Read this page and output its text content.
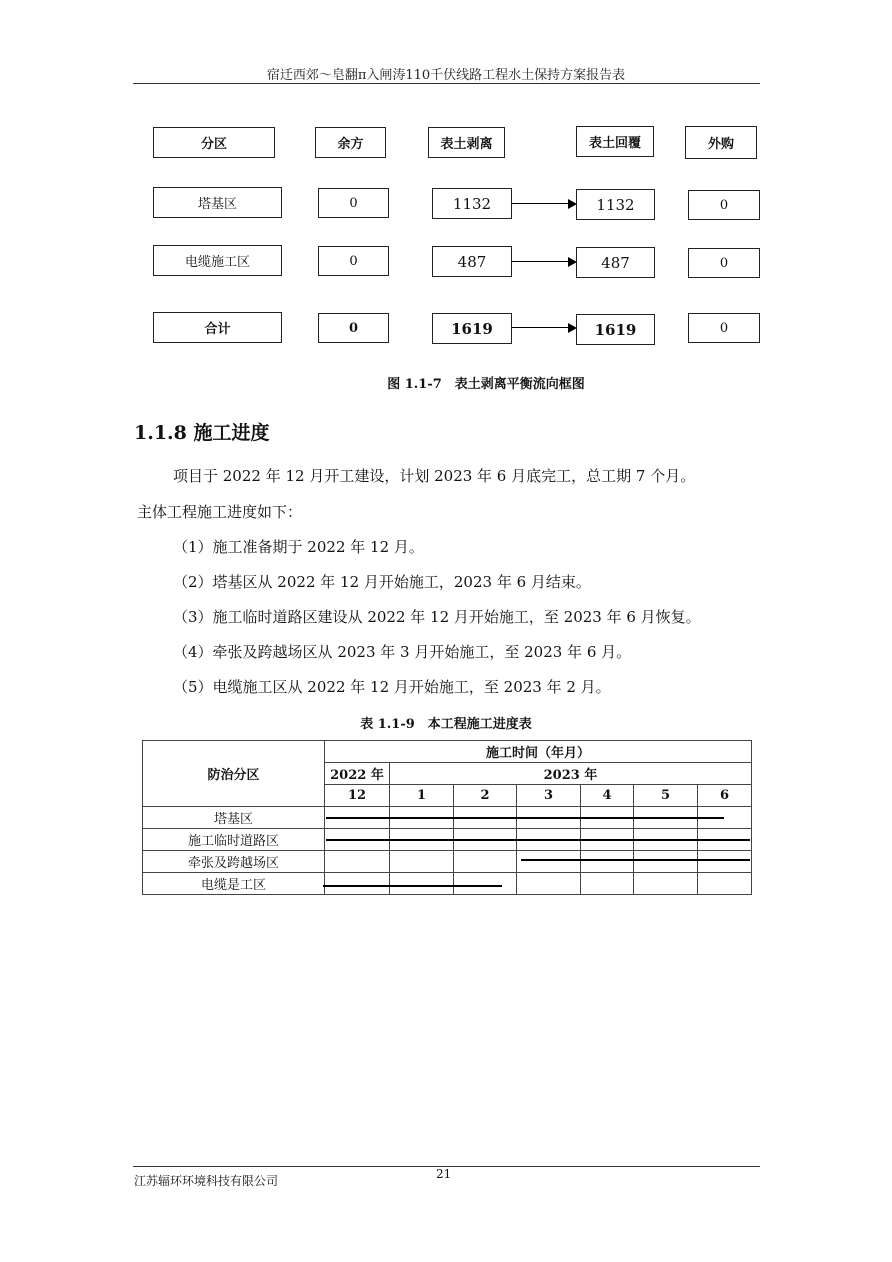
宿迁西郊～皂翻π入闸涛110千伏线路工程水土保持方案报告表
分区	余方	表土剥离	表土回覆	外购
塔基区	0	1132	1132	0
电缆施工区	0	487	487	0
合计	0	1619	1619	0
图 1.1-7　表土剥离平衡流向框图
1.1.8 施工进度
项目于 2022 年 12 月开工建设，计划 2023 年 6 月底完工，总工期 7 个月。
主体工程施工进度如下：
（1）施工准备期于 2022 年 12 月。
（2）塔基区从 2022 年 12 月开始施工，2023 年 6 月结束。
（3）施工临时道路区建设从 2022 年 12 月开始施工，至 2023 年 6 月恢复。
（4）牵张及跨越场区从 2023 年 3 月开始施工，至 2023 年 6 月。
（5）电缆施工区从 2022 年 12 月开始施工，至 2023 年 2 月。
表 1.1-9　本工程施工进度表
防治分区	施工时间（年月）						
	2022 年	2023 年					
	12	1	2	3	4	5	6
塔基区							
施工临时道路区							
牵张及跨越场区							
电缆是工区							
江苏辐环环境科技有限公司	21
